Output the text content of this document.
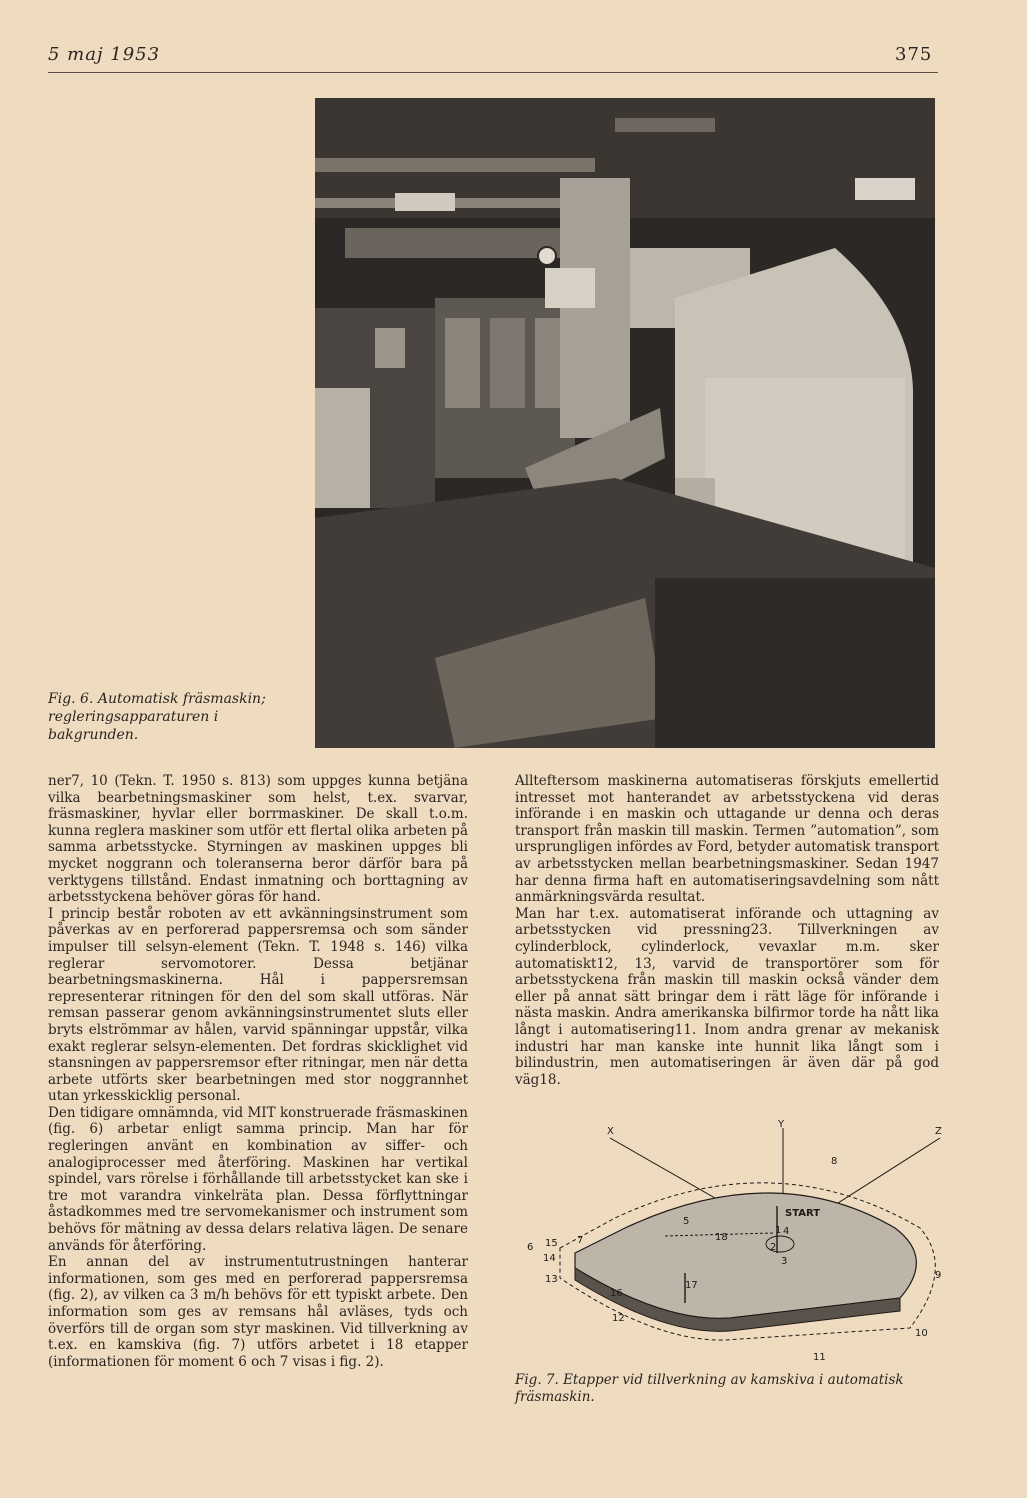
5 maj 1953	375
Fig. 6. Automatisk fräsmaskin; regleringsapparaturen i bakgrunden.

ner7, 10 (Tekn. T. 1950 s. 813) som uppges kunna betjäna vilka bearbetningsmaskiner som helst, t.ex. svarvar, fräsmaskiner, hyvlar eller borrmaskiner. De skall t.o.m. kunna reglera maskiner som utför ett flertal olika arbeten på samma arbetsstycke. Styrningen av maskinen uppges bli mycket noggrann och toleranserna beror därför bara på verktygens tillstånd. Endast inmatning och borttagning av arbetsstyckena behöver göras för hand.

I princip består roboten av ett avkänningsinstrument som påverkas av en perforerad pappersremsa och som sänder impulser till selsyn-element (Tekn. T. 1948 s. 146) vilka reglerar servomotorer. Dessa betjänar bearbetningsmaskinerna. Hål i pappersremsan representerar ritningen för den del som skall utföras. När remsan passerar genom avkänningsinstrumentet sluts eller bryts elströmmar av hålen, varvid spänningar uppstår, vilka exakt reglerar selsyn-elementen. Det fordras skicklighet vid stansningen av pappersremsor efter ritningar, men när detta arbete utförts sker bearbetningen med stor noggrannhet utan yrkesskicklig personal.

Den tidigare omnämnda, vid MIT konstruerade fräsmaskinen (fig. 6) arbetar enligt samma princip. Man har för regleringen använt en kombination av siffer- och analogiprocesser med återföring. Maskinen har vertikal spindel, vars rörelse i förhållande till arbetsstycket kan ske i tre mot varandra vinkelräta plan. Dessa förflyttningar åstadkommes med tre servomekanismer och instrument som behövs för mätning av dessa delars relativa lägen. De senare används för återföring.

En annan del av instrumentutrustningen hanterar informationen, som ges med en perforerad pappersremsa (fig. 2), av vilken ca 3 m/h behövs för ett typiskt arbete. Den information som ges av remsans hål avläses, tyds och överförs till de organ som styr maskinen. Vid tillverkning av t.ex. en kamskiva (fig. 7) utförs arbetet i 18 etapper (informationen för moment 6 och 7 visas i fig. 2).

Allteftersom maskinerna automatiseras förskjuts emellertid intresset mot hanterandet av arbetsstyckena vid deras införande i en maskin och uttagande ur denna och deras transport från maskin till maskin. Termen ”automation”, som ursprungligen infördes av Ford, betyder automatisk transport av arbetsstycken mellan bearbetningsmaskiner. Sedan 1947 har denna firma haft en automatiseringsavdelning som nått anmärkningsvärda resultat.

Man har t.ex. automatiserat införande och uttagning av arbetsstycken vid pressning23. Tillverkningen av cylinderblock, cylinderlock, vevaxlar m.m. sker automatiskt12, 13, varvid de transportörer som för arbetsstyckena från maskin till maskin också vänder dem eller på annat sätt bringar dem i rätt läge för införande i nästa maskin. Andra amerikanska bilfirmor torde ha nått lika långt i automatisering11. Inom andra grenar av mekanisk industri har man kanske inte hunnit lika långt som i bilindustrin, men automatiseringen är även där på god väg18.

X
Y
Z
START
1
2
3
4
5
6
7
8
9
10
11
12
13
14
15
16
17
18
Fig. 7. Etapper vid tillverkning av kamskiva i automatisk fräsmaskin.
